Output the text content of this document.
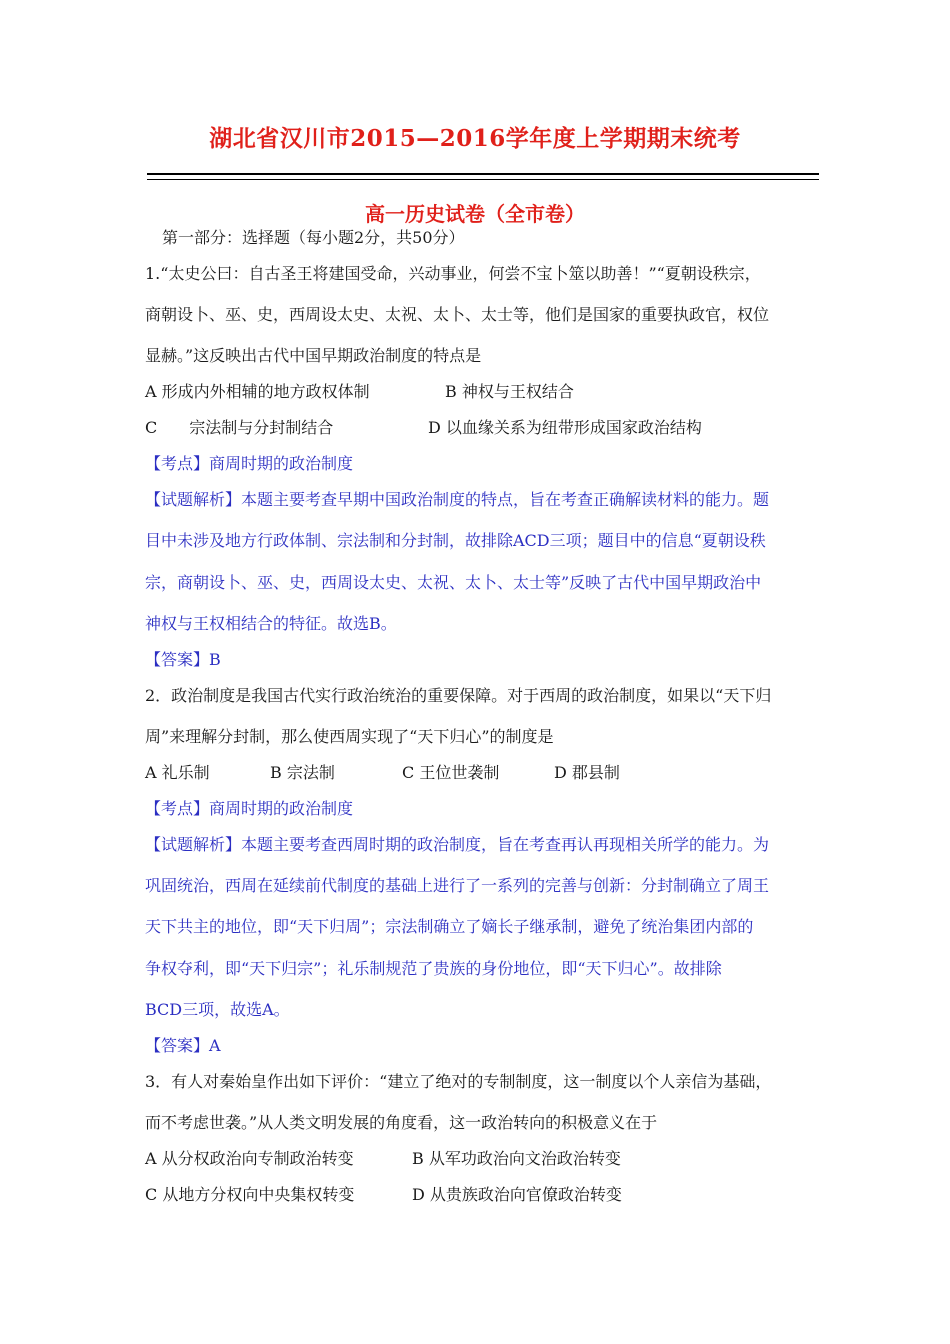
湖北省汉川市2015—2016学年度上学期期末统考
高一历史试卷（全市卷）
第一部分：选择题（每小题2分，共50分）
1.“太史公曰：自古圣王将建国受命，兴动事业，何尝不宝卜筮以助善！”“夏朝设秩宗，
商朝设卜、巫、史，西周设太史、太祝、太卜、太士等，他们是国家的重要执政官，权位
显赫。”这反映出古代中国早期政治制度的特点是
A 形成内外相辅的地方政权体制	B 神权与王权结合
C　　宗法制与分封制结合	D 以血缘关系为纽带形成国家政治结构
【考点】商周时期的政治制度
【试题解析】本题主要考查早期中国政治制度的特点，旨在考查正确解读材料的能力。题
目中未涉及地方行政体制、宗法制和分封制，故排除ACD三项；题目中的信息“夏朝设秩
宗，商朝设卜、巫、史，西周设太史、太祝、太卜、太士等”反映了古代中国早期政治中
神权与王权相结合的特征。故选B。
【答案】B
2．政治制度是我国古代实行政治统治的重要保障。对于西周的政治制度，如果以“天下归
周”来理解分封制，那么使西周实现了“天下归心”的制度是
A 礼乐制	B 宗法制	C 王位世袭制	D 郡县制
【考点】商周时期的政治制度
【试题解析】本题主要考查西周时期的政治制度，旨在考查再认再现相关所学的能力。为
巩固统治，西周在延续前代制度的基础上进行了一系列的完善与创新：分封制确立了周王
天下共主的地位，即“天下归周”；宗法制确立了嫡长子继承制，避免了统治集团内部的
争权夺利，即“天下归宗”；礼乐制规范了贵族的身份地位，即“天下归心”。故排除
BCD三项，故选A。
【答案】A
3．有人对秦始皇作出如下评价：“建立了绝对的专制制度，这一制度以个人亲信为基础，
而不考虑世袭。”从人类文明发展的角度看，这一政治转向的积极意义在于
A 从分权政治向专制政治转变	B 从军功政治向文治政治转变
C 从地方分权向中央集权转变	D 从贵族政治向官僚政治转变
